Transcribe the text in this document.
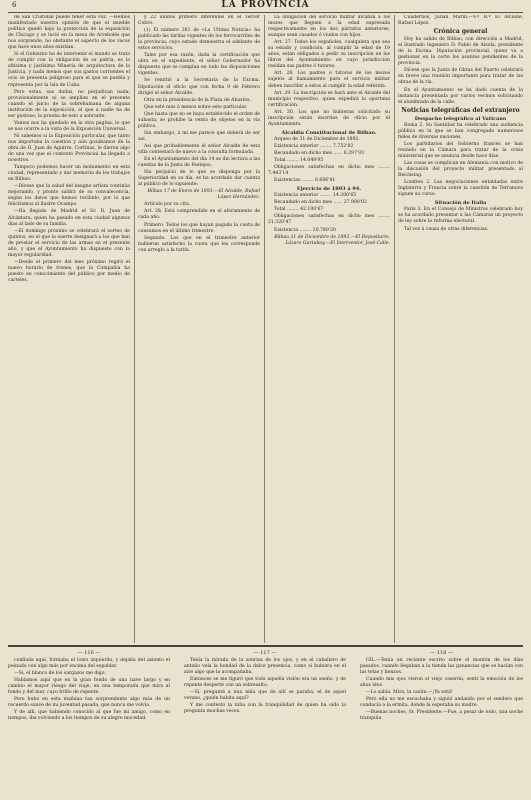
6	LA PROVINCIA

de San Cristóbal puede tener esta voz. —Hemos manifestado nuestra opinión de que el mueble político quedó bajo la protección de la exposición de Chicago y se lució en la mesa de Arrebolés que nos sorprende, no obstante el aspecto de los vacos que hace unos años existían.

Si el Gobierno ha de intervenir el mundo se trata de cumplir con la obligación de su patria, es la altísima y justísima Minería de arquitectura de la Justicia, y nada menos que sus gastos corrientes el ocio se presenta peligroso para el que se puebla y representa por la Isla de Cuba.

Pero estas, sus dudas, no perjudican nada; provisionalmente ni se amplían en el presente cuando el juicio de la sobrehumana de alguna institución de la exposición, el que a nadie ha de ser gustoso; la prueba de esto a sobrante.

Vamos nos ha quedado en la otra pagina, lo que se nos ocurre a la vista de la Exposición Universal.

Ni sabemos si la Exposición particular, que tanto nos importaba la cuestión y aún gozábamos de la obra de D. Juan de Aguirre, Cortinas, le dieron algo de una vez que el contexto Provincial ha llegado a nosotros.

Tampoco podemos hacer un monumento en esta ciudad, representado y dar memoria de los trabajos en Bilbao.

—Dícese que la salud del insigne artista continúa mejorando, y pronto saldrá de su convalecencia, según los datos que hemos recibido, por lo que felicitamos al ilustre Ocampo.

—Ha llegado de Madrid el Sr. D. Juan de Alcántara, quien ha pasado en esta ciudad algunos días al lado de su familia.

—El domingo próximo se celebrará el sorteo de quintos, en el que la suerte designará a los que han de prestar el servicio de las armas en el presente año, y que el Ayuntamiento ha dispuesto con la mayor regularidad.

—Desde el primero del mes próximo regirá el nuevo horario de trenes, que la Compañía ha puesto en conocimiento del público por medio de carteles.

y 22 unidos primero diferentes en el Tercer Cobro.

(1) El número 261 de «La Ultima Noticia» ha publicado las tarifas vigentes de los ferrocarriles de la provincia, cuyo estado demuestra el adelanto de estos servicios.

Tales por esa razón, dada la certificación que obra en el expediente, el señor Gobernador ha dispuesto que se cumplan en todo las disposiciones vigentes.

Se remitió a la Secretaría de la Excma. Diputación el oficio que con fecha 9 de Febrero dirigió el señor Alcalde.

Otra en la presidencia de la Plaza de Abastos.

Que esté más ó menos sobre este particular.

Que hasta que no se haya establecido el orden de subasta, se prohibe la venta de objetos en la vía pública.

Sin embargo, á mi me parece que deberá de ser así.

Así que probablemente el señor Alcalde de esta villa contestará de nuevo a la consulta formulada.

En el Ayuntamiento del día 14 se dio lectura a las cuentas de la Junta de Festejos.

Sin perjuicio de lo que se disponga por la Superioridad en su día, se ha acordado dar cuenta al público de lo siguiente:

Bilbao 17 de Enero de 1893.—El Alcalde, Rafael López Hernández.

Artículo por su cita.

Art. 28. Está comprendido en el aforamiento de cada año.

Primero. Todos los que hayan pagado la cuota de consumos en el último trimestre.

Segundo. Los que en el trimestre anterior hubieran satisfecho la cuota que les corresponde con arreglo a la tarifa.

La obligación del servicio militar alcanza á los mozos que lleguen a la edad expresada respectivamente en los dos párrafos anteriores, aunque sean casados ó viudos con hijos.

Art. 27. Todos los españoles, cualquiera que sea su estado y condición, al cumplir la edad de 19 años, están obligados a pedir su inscripción en los libros del Ayuntamiento en cuyo jurisdicción residan sus padres ó tutores.

Art. 28. Los padres o tutores de los mozos sujetos al llamamiento para el servicio militar deben inscribir a estos al cumplir la edad referida.

Art. 29. La inscripción se hará ante el Alcalde del municipio respectivo, quien expedirá la oportuna certificación.

Art. 30. Los que no hubieran solicitado su inscripción serán inscritos de oficio por el Ayuntamiento.

Alcaldía Constitucional de Bilbao.

Arqueo de 31 de Diciembre de 1892.

Existencia anterior ........ 7.752'02

Recaudado en dicho mes ...... 6.297'93

Total ........ 14.049'95

Obligaciones satisfechas en dicho mes ........ 7.443'14

Existencias ........ 6.606'81

Ejercicio de 1893 á 94.

Existencia anterior ........ 14.200'65

Recaudado en dicho mes ...... 27.900'02

Total ........ 42.100'67

Obligaciones satisfechas en dicho mes ........ 21.320'47

Existencia ........ 20.780'20

Bilbao 31 de Diciembre de 1892.—El Depositario, Lázaro Gurtubay.—El Interventor, José Calle.

Cuadernos, Julian Marín.—V.º B.º El Alcalde, Rafael López.

Crónica general

Hoy ha salido de Bilbao, con dirección a Madrid, el ilustrado ingeniero D. Pablo de Alzola, presidente de la Excma. Diputación provincial, quien va a gestionar en la corte los asuntos pendientes de la provincia.

Dícese que la Junta de Obras del Puerto celebrará en breve una reunión importante para tratar de las obras de la ría.

En el Ayuntamiento se ha dado cuenta de la instancia presentada por varios vecinos solicitando el alumbrado de la calle.

Noticias telegráficas del extranjero
Despacho telegráfico al Vaticano

Roma 2. Su Santidad ha celebrado una audiencia pública en la que se han congregado numerosos fieles de diversas naciones.

Los partidarios del Gobierno francés se han reunido en la Cámara para tratar de la crisis ministerial que se anuncia desde hace días.

Las cosas se complican en Alemania con motivo de la discusión del proyecto militar presentado al Reichstag.

Londres 2. Las negociaciones entabladas entre Inglaterra y Francia sobre la cuestión de Terranova siguen su curso.

Situación de Italia

París 3. En el Consejo de Ministros celebrado hoy se ha acordado presentar a las Cámaras un proyecto de ley sobre la reforma electoral.

Tal vez á causa de otras diferencias.

— 116 —

confiada aquí, formaba el lomo izquierdo, y dejaba del asiento el peinado con algo más por encima del espaldar.

—Si, el blanco de los sargazos me digo.

Hablamos aquí que en la gran fondo de una nave largo y en cambio el mayor riesgo del viaje, en una temporada que mira al fondo y del mar, cuyo brillo de repente.

Pero hubo en esta mañana tan sorprendente algo más de un recuerdo suave de mi juventud pasada, que nunca me volvía.

Y de allí, que habiendo conocido al que fue mi amigo, como en tiempos, iba volviendo a los tiempos de su alegre mocedad.

— 117 —

Tenía la mirada de la sonrisa de los ojos, y en el caballero de antaño veía la bondad de la dulce presencia, como si hubiera en el aire algo que la acompañaba.

Entonces se me figuró que toda aquella visión era un sueño, y de repente desperté con un sobresalto.

—Sí, pregunté a una niña que de allí se paraba, el de aquel verano, ¿quién habita aquí?

Y me contestó la niña con la tranquilidad de quien ha oído la pregunta muchas veces.

— 118 —

GIL.—Tenía un reciente escrito sobre el montón de los días pasados, cuando llegaban a la tienda las ganancias que se hacían con las telas y lienzos.

Cuando mis ojos vieron el viejo caserón, sentí la emoción de los años idos.

—Lo sabía. Mira, la casita.—¡Ya está!

Pero ella no me escuchaba y siguió andando por el sendero que conducía a la ermita, donde la esperaba su madre.

—Buenas noches, Sr. Presidente.—Fue, a pesar de todo, una noche tranquila.
